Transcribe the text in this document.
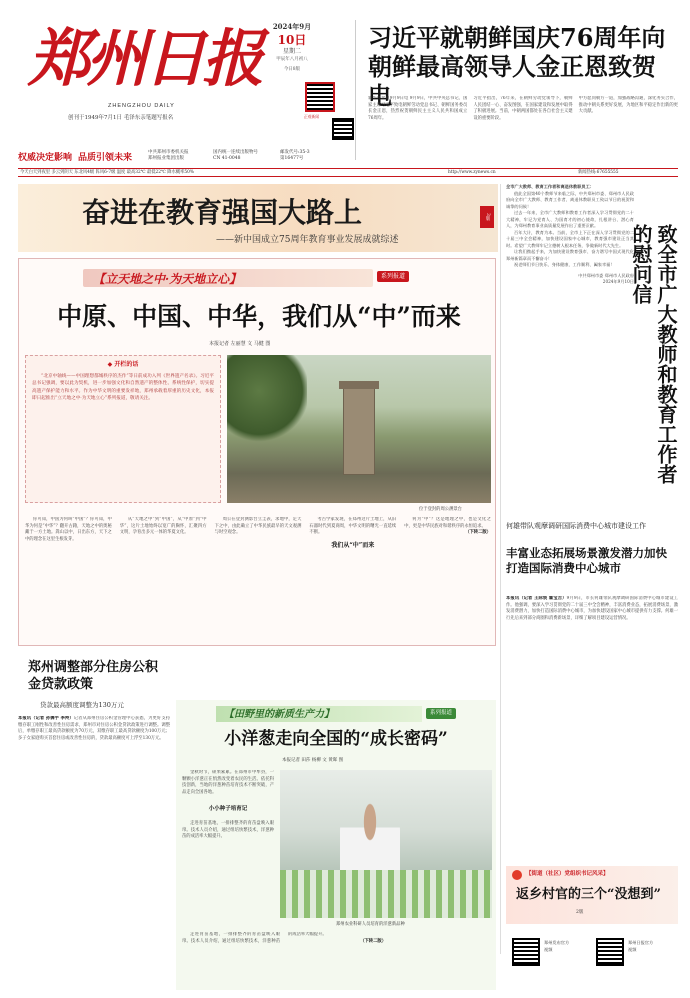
郑州日报
ZHENGZHOU DAILY
创刊于1949年7月1日 毛泽东亲笔题写报名
2024年9月
10日
星期二
甲辰年八月初八
今日8版
正观新闻
习近平就朝鲜国庆76周年向朝鲜最高领导人金正恩致贺电

新华社北京9月9日电 9月9日，中共中央总书记、国家主席习近平致电朝鲜劳动党总书记、朝鲜国务委员长金正恩，热烈祝贺朝鲜民主主义人民共和国成立76周年。

习近平指出，76年来，在朝鲜劳动党领导下，朝鲜人民团结一心、奋发图强，在国家建设和发展中取得了积极进展。当前，中朝两国都处在各自社会主义建设的重要阶段。

中方愿同朝方一道，加强战略沟通，深化务实合作，推动中朝关系更好发展，为地区和平稳定作出新的更大贡献。

权威决定影响 品质引领未来
中共郑州市委机关报
郑州报业集团出版
国内统一连续出版物号
CN 41-0048
邮发代号:35-3
第16477号
今天白天到夜里 多云到阴天 东北风4级 阵风6-7级 温度 最高32℃ 最低22℃ 降水概率50%	http://www.zynews.cn	新闻热线:67655555
奋进在教育强国大路上
——新中国成立75周年教育事业发展成就综述
3版

全市广大教师、教育工作者和离退休教职员工：

值此全国第40个教师节来临之际，中共郑州市委、郑州市人民政府向全市广大教师、教育工作者、离退休教职员工致以节日的祝贺和诚挚的问候！

过去一年来，全市广大教师和教育工作者深入学习贯彻党的二十大精神，牢记为党育人、为国育才的初心使命，扎根讲台、潜心育人，为郑州教育事业高质量发展作出了重要贡献。

百年大计，教育为本。当前，全市上下正在深入学习贯彻党的二十届三中全会精神，加快建设国家中心城市，教育强市建设正当其时。希望广大教师牢记立德树人根本任务，争做新时代大先生。

让我们携起手来，为加快建设教育强市、奋力谱写中国式现代化郑州新篇章而不懈奋斗！

祝老师们节日快乐、身体健康、工作顺利、阖家幸福！

中共郑州市委 郑州市人民政府

2024年9月10日	致全市广大教师和教育工作者的慰问信
【立天地之中·为天地立心】	系列报道
中原、中国、中华，我们从“中”而来
本报记者 左丽慧 文 马健 图
◆ 开栏的话

“北京中轴线——中国理想都城秩序的杰作”等日前成功入列《世界遗产名录》。习近平总书记强调，要以此为契机，进一步加强文化和自然遗产的整体性、系统性保护，切实提高遗产保护能力和水平。作为中华文明的重要发祥地，郑州承载着厚重的历史文化，本报即日起推出“立天地之中·为天地立心”系列报道，敬请关注。

位于登封的周公测景台

你可知，中国为何叫“中国”？你可知，中华为何是“中华”？翻开古籍，天地之中的奥秘藏于一方土地。嵩山以中，日出东方，天下之中的理念在这里生根发芽。

从“天地之中”到“中国”，从“中原”到“中华”，这片土地始终以宽广的胸怀，汇聚四方文明，孕育出多元一体的华夏文化。

周公在登封测影台立圭表，求地中，定天下之中，由此确立了中华民族最早的天文观测与时空观念。

考古学家发现，在郑州这片土地上，从旧石器时代到夏商周，中华文明的曙光一直延续不断。

我们从“中”而来

何为“中”？这是地理之中，也是文化之中，更是中华民族对和谐秩序的永恒追求。

（下转二版）

何雄带队观摩调研国际消费中心城市建设工作
丰富业态拓展场景激发潜力加快打造国际消费中心城市
本报讯（记者 王际宸 霍宝吉）9月9日，市长何雄带队观摩调研国际消费中心城市建设工作。他强调，要深入学习贯彻党的二十届三中全会精神，丰富消费业态，拓展消费场景，激发消费潜力，加快打造国际消费中心城市，为加快建设国家中心城市提供有力支撑。何雄一行先后来到部分商圈和消费新场景，详细了解项目建设运营情况。
郑州调整部分住房公积金贷款政策
贷款最高额度调整为130万元
本报讯（记者 孙儒宇 李羚）记者从郑州住房公积金管理中心获悉，为更好支持缴存职工刚性和改善性住房需求，郑州市对住房公积金贷款政策进行调整。调整后，单缴存职工最高贷款额度为70万元，双缴存职工最高贷款额度为100万元；多子女家庭购买首套住房或改善性住房的，贷款最高额度可上浮至130万元。
【田野里的新质生产力】	系列报道
小洋葱走向全国的“成长密码”
本报记者 田莎 杨柳 文 黄晖 图

金秋时节，硕果累累。在郑州市中牟县，一颗颗小洋葱正在悄然改变着农民的生活。依托科技创新，当地的洋葱种苗培育技术不断突破，产品走向全国各地。

小小种子培育记

走进育苗基地，一排排整齐的育苗盘映入眼帘。技术人员介绍，通过组培快繁技术，洋葱种苗的成活率大幅提升。

郑州农业科研人员培育的洋葱新品种

走进育苗基地，一排排整齐的育苗盘映入眼帘。技术人员介绍，通过组培快繁技术，洋葱种苗的成活率大幅提升。

（下转二版）

【街道（社区）党组织书记风采】
返乡村官的三个“没想到”
2版
郑州发布官方视频
郑州日报官方视频
